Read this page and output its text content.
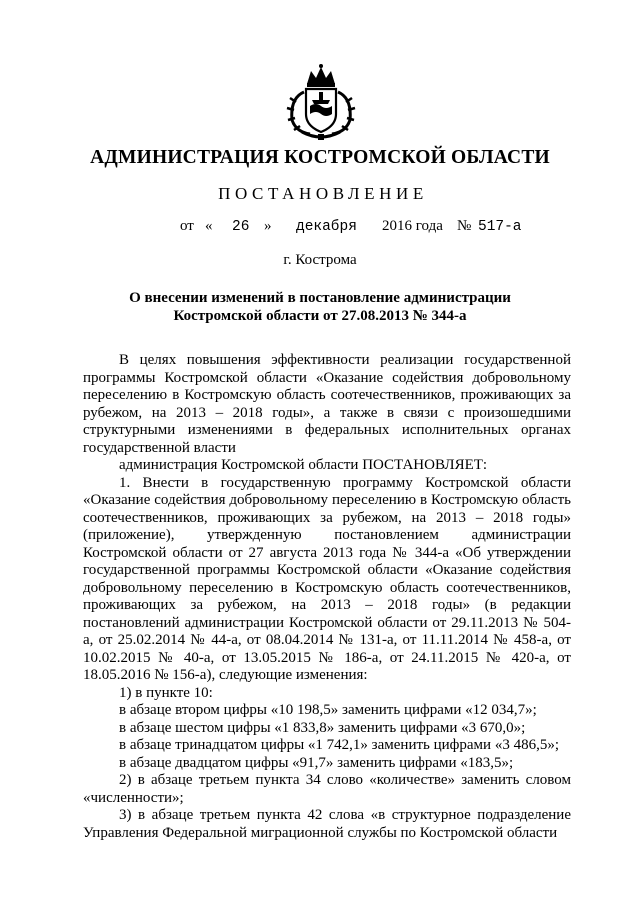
АДМИНИСТРАЦИЯ КОСТРОМСКОЙ ОБЛАСТИ
ПОСТАНОВЛЕНИЕ
от « 26 » декабря 2016 года № 517-а
г. Кострома
О внесении изменений в постановление администрации
Костромской области от 27.08.2013 № 344-а

В целях повышения эффективности реализации государственной программы Костромской области «Оказание содействия добровольному переселению в Костромскую область соотечественников, проживающих за рубежом, на 2013 – 2018 годы», а также в связи с произошедшими структурными изменениями в федеральных исполнительных органах государственной власти

администрация Костромской области ПОСТАНОВЛЯЕТ:

1. Внести в государственную программу Костромской области «Оказание содействия добровольному переселению в Костромскую область соотечественников, проживающих за рубежом, на 2013 – 2018 годы» (приложение), утвержденную постановлением администрации Костромской области от 27 августа 2013 года № 344-а «Об утверждении государственной программы Костромской области «Оказание содействия добровольному переселению в Костромскую область соотечественников, проживающих за рубежом, на 2013 – 2018 годы» (в редакции постановлений администрации Костромской области от 29.11.2013 № 504-а, от 25.02.2014 № 44-а, от 08.04.2014 № 131-а, от 11.11.2014 № 458-а, от 10.02.2015 № 40-а, от 13.05.2015 № 186-а, от 24.11.2015 № 420-а, от 18.05.2016 № 156-а), следующие изменения:

1) в пункте 10:

в абзаце втором цифры «10 198,5» заменить цифрами «12 034,7»;

в абзаце шестом цифры «1 833,8» заменить цифрами «3 670,0»;

в абзаце тринадцатом цифры «1 742,1» заменить цифрами «3 486,5»;

в абзаце двадцатом цифры «91,7» заменить цифрами «183,5»;

2) в абзаце третьем пункта 34 слово «количестве» заменить словом «численности»;

3) в абзаце третьем пункта 42 слова «в структурное подразделение Управления Федеральной миграционной службы по Костромской области
